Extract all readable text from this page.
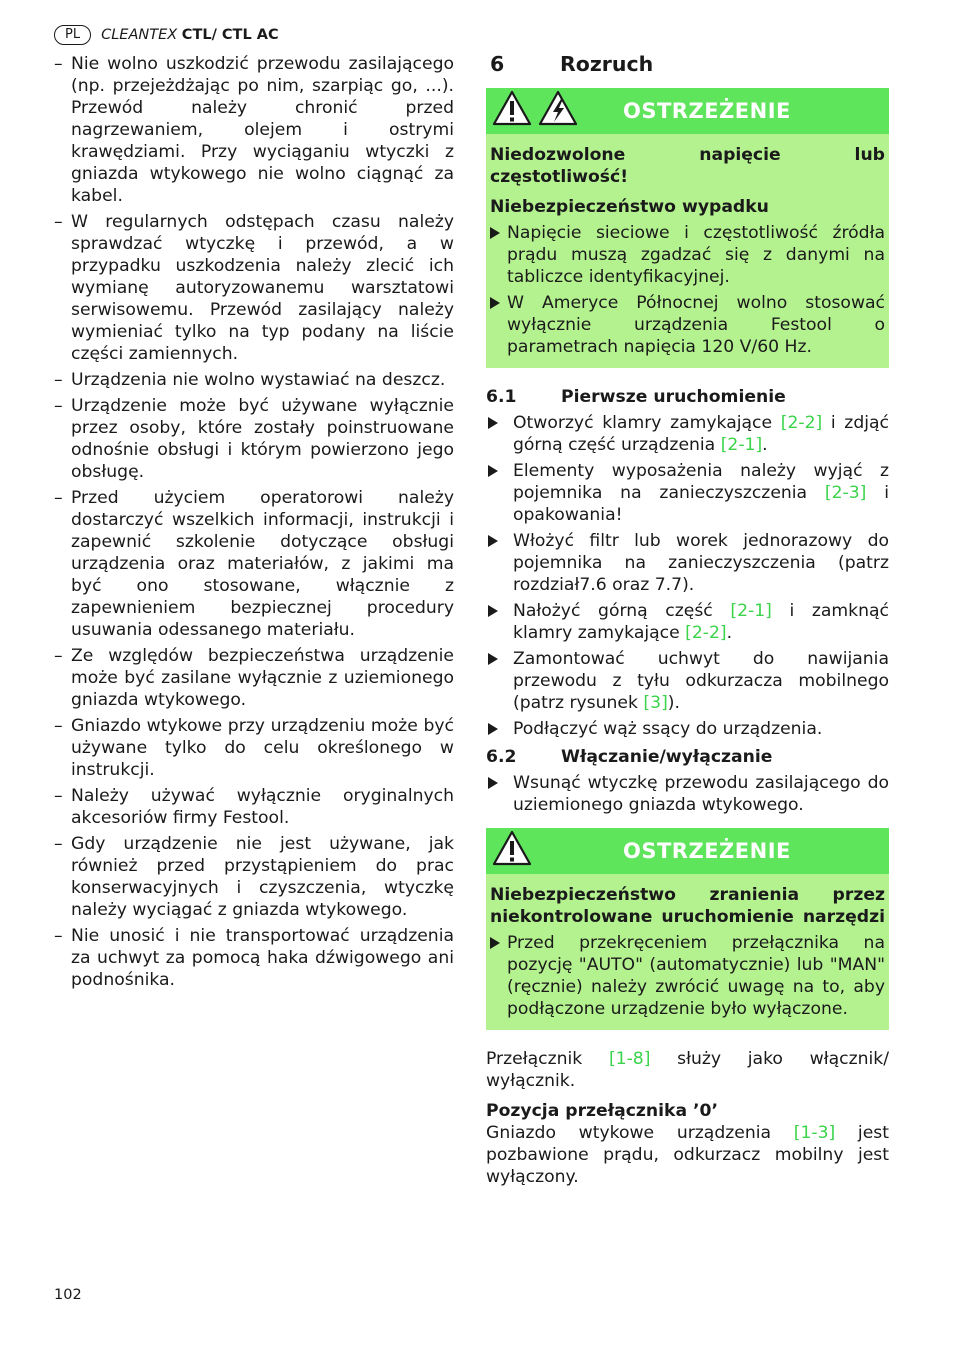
PL	CLEANTEX CTL/ CTL AC
– Nie wolno uszkodzić przewodu zasilającego (np. przejeżdżając po nim, szarpiąc go, ...). Przewód należy chronić przed nagrzewaniem, olejem i ostrymi krawędziami. Przy wyciąganiu wtyczki z gniazda wtykowego nie wolno ciągnąć za kabel.
– W regularnych odstępach czasu należy sprawdzać wtyczkę i przewód, a w przypadku uszkodzenia należy zlecić ich wymianę autoryzowanemu warsztatowi serwisowemu. Przewód zasilający należy wymieniać tylko na typ podany na liście części zamiennych.
– Urządzenia nie wolno wystawiać na deszcz.
– Urządzenie może być używane wyłącznie przez osoby, które zostały poinstruowane odnośnie obsługi i którym powierzono jego obsługę.
– Przed użyciem operatorowi należy dostarczyć wszelkich informacji, instrukcji i zapewnić szkolenie dotyczące obsługi urządzenia oraz materiałów, z jakimi ma być ono stosowane, włącznie z zapewnieniem bezpiecznej procedury usuwania odessanego materiału.
– Ze względów bezpieczeństwa urządzenie może być zasilane wyłącznie z uziemionego gniazda wtykowego.
– Gniazdo wtykowe przy urządzeniu może być używane tylko do celu określonego w instrukcji.
– Należy używać wyłącznie oryginalnych akcesoriów firmy Festool.
– Gdy urządzenie nie jest używane, jak również przed przystąpieniem do prac konserwacyjnych i czyszczenia, wtyczkę należy wyciągać z gniazda wtykowego.
– Nie unosić i nie transportować urządzenia za uchwyt za pomocą haka dźwigowego ani podnośnika.
6	Rozruch
OSTRZEŻENIE
Niedozwolone napięcie lub częstotliwość!
Niebezpieczeństwo wypadku
Napięcie sieciowe i częstotliwość źródła prądu muszą zgadzać się z danymi na tabliczce identyfikacyjnej.
W Ameryce Północnej wolno stosować wyłącznie urządzenia Festool o parametrach napięcia 120 V/60 Hz.
6.1	Pierwsze uruchomienie
Otworzyć klamry zamykające [2-2] i zdjąć górną część urządzenia [2-1].
Elementy wyposażenia należy wyjąć z pojemnika na zanieczyszczenia [2-3] i opakowania!
Włożyć filtr lub worek jednorazowy do pojemnika na zanieczyszczenia (patrz rozdział7.6 oraz 7.7).
Nałożyć górną część [2-1] i zamknąć klamry zamykające [2-2].
Zamontować uchwyt do nawijania przewodu z tyłu odkurzacza mobilnego (patrz rysunek [3]).
Podłączyć wąż ssący do urządzenia.
6.2	Włączanie/wyłączanie
Wsunąć wtyczkę przewodu zasilającego do uziemionego gniazda wtykowego.
OSTRZEŻENIE
Niebezpieczeństwo zranienia przez niekontrolowane uruchomienie narzędzi
Przed przekręceniem przełącznika na pozycję "AUTO" (automatycznie) lub "MAN" (ręcznie) należy zwrócić uwagę na to, aby podłączone urządzenie było wyłączone.
Przełącznik [1-8] służy jako włącznik/ wyłącznik.
Pozycja przełącznika ’0’
Gniazdo wtykowe urządzenia [1-3] jest pozbawione prądu, odkurzacz mobilny jest wyłączony.
102
